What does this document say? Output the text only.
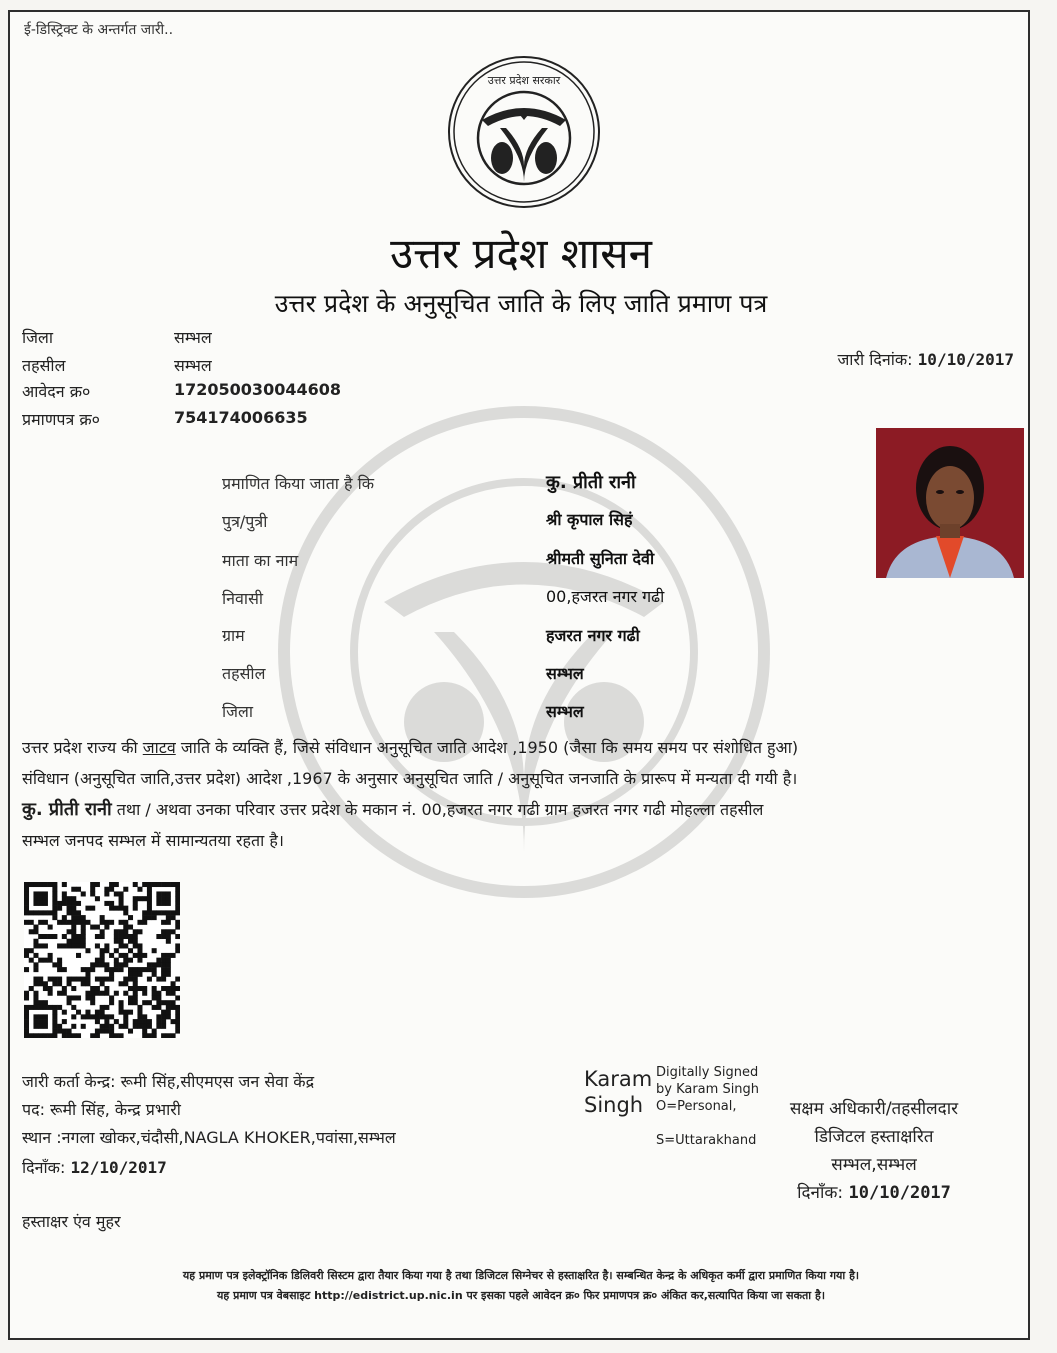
ई-डिस्ट्रिक्ट के अन्तर्गत जारी..
उत्तर प्रदेश सरकार
उत्तर प्रदेश शासन
उत्तर प्रदेश के अनुसूचित जाति के लिए जाति प्रमाण पत्र
जिला	सम्भल
तहसील	सम्भल
आवेदन क्र०	172050030044608
प्रमाणपत्र क्र०	754174006635
जारी दिनांक: 10/10/2017
प्रमाणित किया जाता है कि	कु. प्रीती रानी
पुत्र/पुत्री	श्री कृपाल सिहं
माता का नाम	श्रीमती सुनिता देवी
निवासी	00,हजरत नगर गढी
ग्राम	हजरत नगर गढी
तहसील	सम्भल
जिला	सम्भल
उत्तर प्रदेश राज्य की जाटव जाति के व्यक्ति हैं, जिसे संविधान अनुसूचित जाति आदेश ,1950 (जैसा कि समय समय पर संशोधित हुआ)
संविधान (अनुसूचित जाति,उत्तर प्रदेश) आदेश ,1967 के अनुसार अनुसूचित जाति / अनुसूचित जनजाति के प्रारूप में मन्यता दी गयी है।
कु. प्रीती रानी तथा / अथवा उनका परिवार उत्तर प्रदेश के मकान नं. 00,हजरत नगर गढी ग्राम हजरत नगर गढी मोहल्ला तहसील
सम्भल जनपद सम्भल में सामान्यतया रहता है।
जारी कर्ता केन्द्र: रूमी सिंह,सीएमएस जन सेवा केंद्र
पद: रूमी सिंह, केन्द्र प्रभारी
स्थान :नगला खोकर,चंदौसी,NAGLA KHOKER,पवांसा,सम्भल
दिनाँक: 12/10/2017
हस्ताक्षर एंव मुहर
Karam
Singh
Digitally Signed
by Karam Singh
O=Personal,
S=Uttarakhand
सक्षम अधिकारी/तहसीलदार
डिजिटल हस्ताक्षरित
सम्भल,सम्भल
दिनाँक: 10/10/2017
यह प्रमाण पत्र इलेक्ट्रॉनिक डिलिवरी सिस्टम द्वारा तैयार किया गया है तथा डिजिटल सिग्नेचर से हस्ताक्षरित है। सम्बन्धित केन्द्र के अधिकृत कर्मी द्वारा प्रमाणित किया गया है।
यह प्रमाण पत्र वेबसाइट http://edistrict.up.nic.in पर इसका पहले आवेदन क्र० फिर प्रमाणपत्र क्र० अंकित कर,सत्यापित किया जा सकता है।
